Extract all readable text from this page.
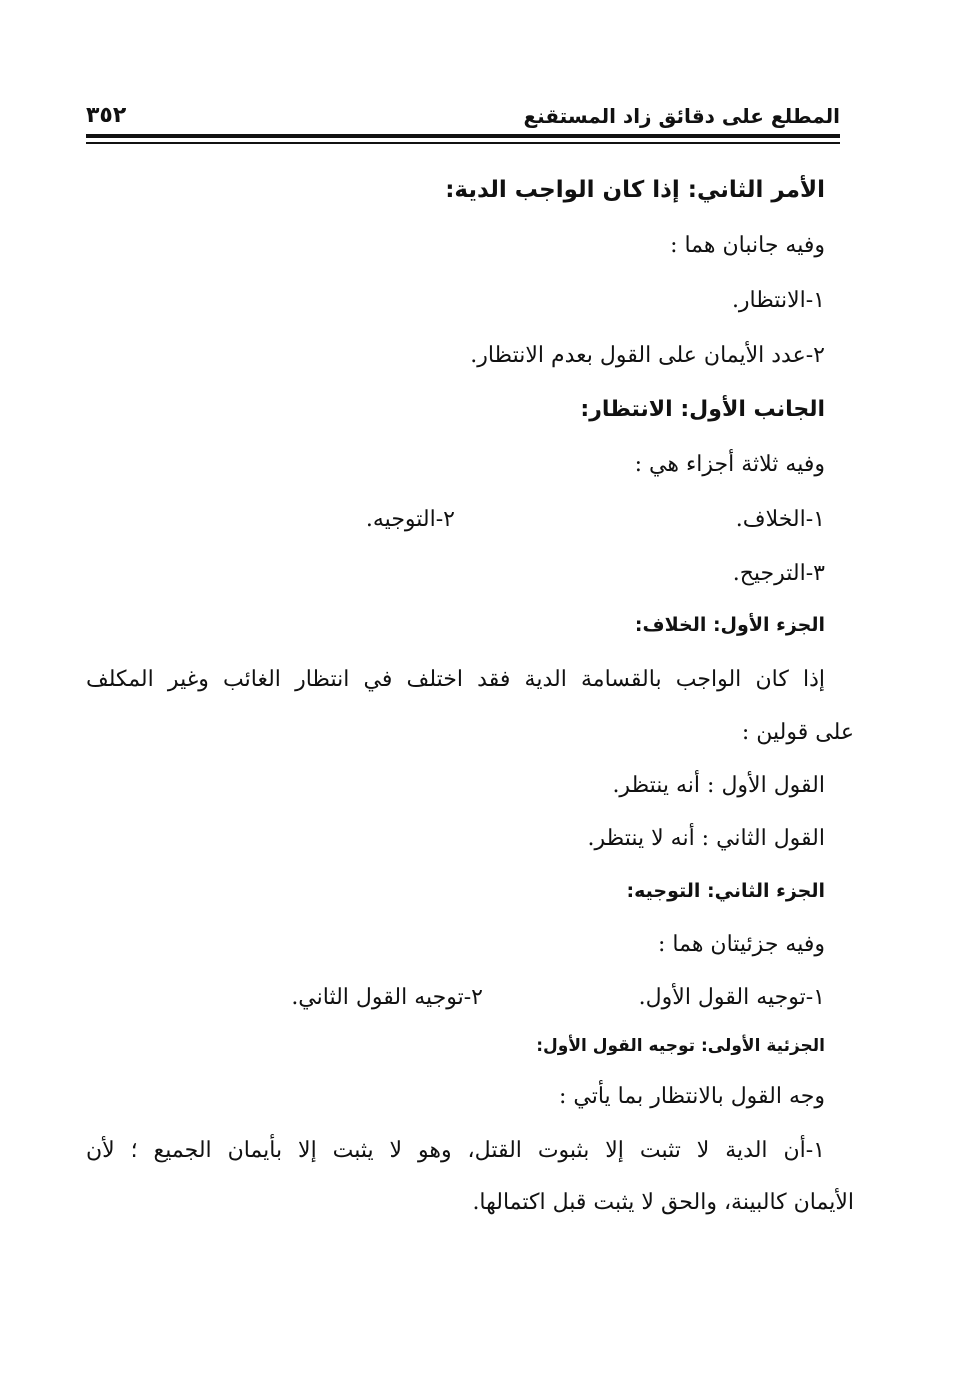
المطلع على دقائق زاد المستقنع
٣٥٢
الأمر الثاني: إذا كان الواجب الدية:
وفيه جانبان هما :
١-الانتظار.
٢-عدد الأيمان على القول بعدم الانتظار.
الجانب الأول: الانتظار:
وفيه ثلاثة أجزاء هي :
١-الخلاف.
٢-التوجيه.
٣-الترجيح.
الجزء الأول: الخلاف:
إذا كان الواجب بالقسامة الدية فقد اختلف في انتظار الغائب وغير المكلف
على قولين :
القول الأول : أنه ينتظر.
القول الثاني : أنه لا ينتظر.
الجزء الثاني: التوجيه:
وفيه جزئيتان هما :
١-توجيه القول الأول.
٢-توجيه القول الثاني.
الجزئية الأولى: توجيه القول الأول:
وجه القول بالانتظار بما يأتي :
١-أن الدية لا تثبت إلا بثبوت القتل، وهو لا يثبت إلا بأيمان الجميع ؛ لأن
الأيمان كالبينة، والحق لا يثبت قبل اكتمالها.
